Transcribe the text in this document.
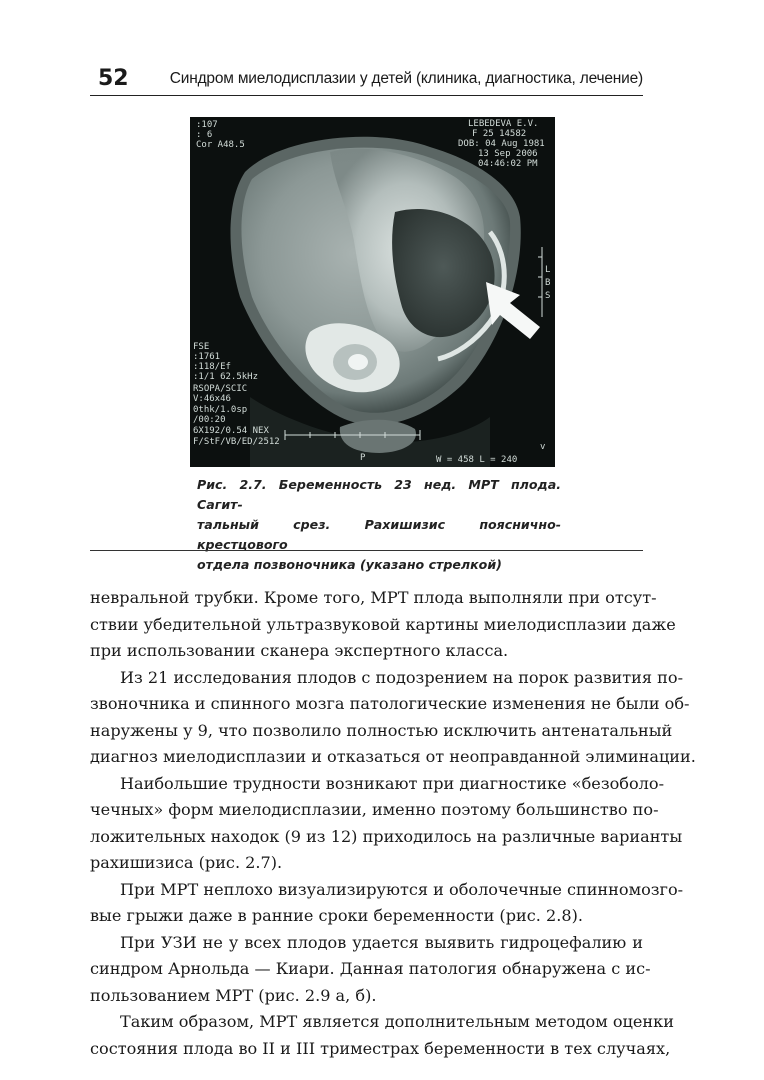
52	Синдром миелодисплазии у детей (клиника, диагностика, лечение)
:107
: 6
Cor A48.5
LEBEDEVA E.V.
F 25 14582
DOB: 04 Aug 1981
13 Sep 2006
04:46:02 PM
FSE
:1761
:118/Ef
:1/1 62.5kHz
RSOPA/SCIC
V:46x46
0thk/1.0sp
/00:20
6X192/0.54 NEX
F/StF/VB/ED/2512
L
B
S
P	W = 458 L = 240
v
Рис. 2.7. Беременность 23 нед. МРТ плода. Сагит-
тальный срез. Рахишизис пояснично-крестцового
отдела позвоночника (указано стрелкой)
невральной трубки. Кроме того, МРТ плода выполняли при отсут-
ствии убедительной ультразвуковой картины миелодисплазии даже
при использовании сканера экспертного класса.
Из 21 исследования плодов с подозрением на порок развития по-
звоночника и спинного мозга патологические изменения не были об-
наружены у 9, что позволило полностью исключить антенатальный
диагноз миелодисплазии и отказаться от неоправданной элиминации.
Наибольшие трудности возникают при диагностике «безоболо-
чечных» форм миелодисплазии, именно поэтому большинство по-
ложительных находок (9 из 12) приходилось на различные варианты
рахишизиса (рис. 2.7).
При МРТ неплохо визуализируются и оболочечные спинномозго-
вые грыжи даже в ранние сроки беременности (рис. 2.8).
При УЗИ не у всех плодов удается выявить гидроцефалию и
синдром Арнольда — Киари. Данная патология обнаружена с ис-
пользованием МРТ (рис. 2.9 а, б).
Таким образом, МРТ является дополнительным методом оценки
состояния плода во II и III триместрах беременности в тех случаях,
